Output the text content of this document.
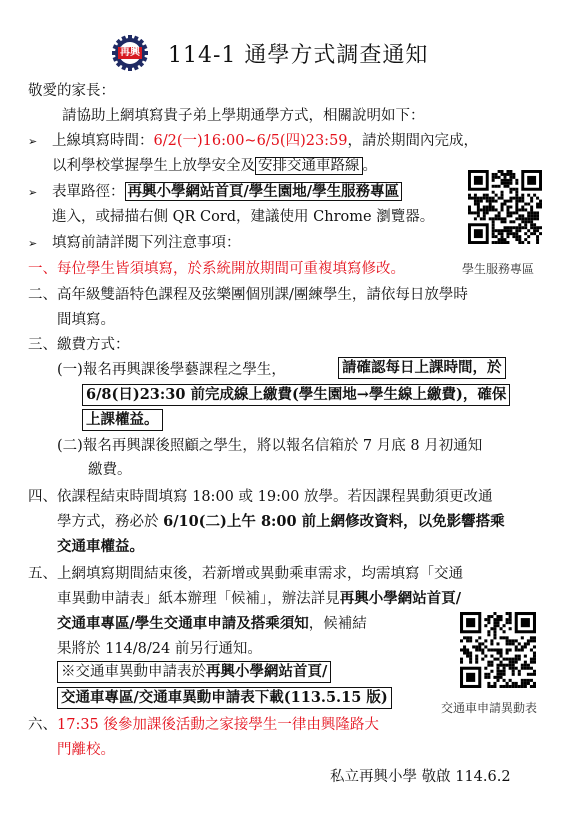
再興 114-1 通學方式調查通知
敬愛的家長：
請協助上網填寫貴子弟上學期通學方式，相關說明如下：
➢ 上線填寫時間：6/2(一)16:00~6/5(四)23:59，請於期間內完成，
以利學校掌握學生上放學安全及 安排交通車路線 。
➢ 表單路徑： 再興小學網站首頁/學生園地/學生服務專區
進入，或掃描右側 QR Cord，建議使用 Chrome 瀏覽器。
➢ 填寫前請詳閱下列注意事項：
學生服務專區
一、每位學生皆須填寫，於系統開放期間可重複填寫修改。
二、高年級雙語特色課程及弦樂團個別課/團練學生，請依每日放學時
間填寫。
三、繳費方式：
(一)報名再興課後學藝課程之學生，	請確認每日上課時間，於
6/8(日)23:30 前完成線上繳費(學生園地→學生線上繳費)，確保
上課權益。
(二)報名再興課後照顧之學生，將以報名信箱於 7 月底 8 月初通知
繳費。
四、依課程結束時間填寫 18:00 或 19:00 放學。若因課程異動須更改通
學方式，務必於 6/10(二)上午 8:00 前上網修改資料，以免影響搭乘
交通車權益。
五、上網填寫期間結束後，若新增或異動乘車需求，均需填寫「交通
車異動申請表」紙本辦理「候補」，辦法詳見再興小學網站首頁/
交通車專區/學生交通車申請及搭乘須知，候補結
果將於 114/8/24 前另行通知。
※交通車異動申請表於再興小學網站首頁/
交通車專區/交通車異動申請表下載(113.5.15 版)
交通車申請異動表
六、17:35 後參加課後活動之家接學生一律由興隆路大
門離校。
私立再興小學 敬啟 114.6.2
